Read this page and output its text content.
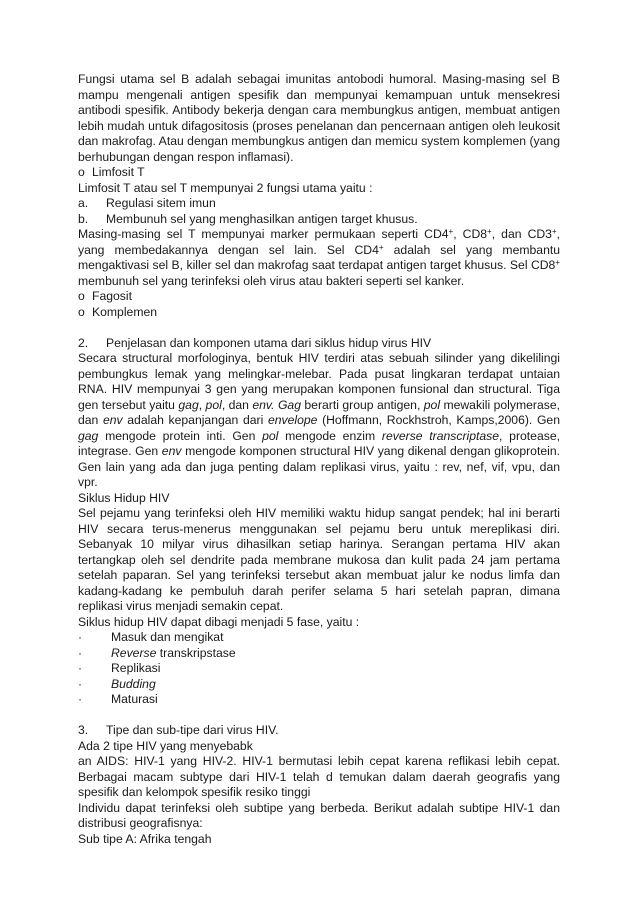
Fungsi utama sel B adalah sebagai imunitas antobodi humoral. Masing-masing sel B mampu mengenali antigen spesifik dan mempunyai kemampuan untuk mensekresi antibodi spesifik. Antibody bekerja dengan cara membungkus antigen, membuat antigen lebih mudah untuk difagositosis (proses penelanan dan pencernaan antigen oleh leukosit dan makrofag. Atau dengan membungkus antigen dan memicu system komplemen (yang berhubungan dengan respon inflamasi).

o Limfosit T

Limfosit T atau sel T mempunyai 2 fungsi utama yaitu :

a.	Regulasi sitem imun
b.	Membunuh sel yang menghasilkan antigen target khusus.

Masing-masing sel T mempunyai marker permukaan seperti CD4+, CD8+, dan CD3+, yang membedakannya dengan sel lain. Sel CD4+ adalah sel yang membantu mengaktivasi sel B, killer sel dan makrofag saat terdapat antigen target khusus. Sel CD8+ membunuh sel yang terinfeksi oleh virus atau bakteri seperti sel kanker.

o Fagosit
o Komplemen
2.	Penjelasan dan komponen utama dari siklus hidup virus HIV

Secara structural morfologinya, bentuk HIV terdiri atas sebuah silinder yang dikelilingi pembungkus lemak yang melingkar-melebar. Pada pusat lingkaran terdapat untaian RNA. HIV mempunyai 3 gen yang merupakan komponen funsional dan structural. Tiga gen tersebut yaitu gag, pol, dan env. Gag berarti group antigen, pol mewakili polymerase, dan env adalah kepanjangan dari envelope (Hoffmann, Rockhstroh, Kamps,2006). Gen gag mengode protein inti. Gen pol mengode enzim reverse transcriptase, protease, integrase. Gen env mengode komponen structural HIV yang dikenal dengan glikoprotein. Gen lain yang ada dan juga penting dalam replikasi virus, yaitu : rev, nef, vif, vpu, dan vpr.

Siklus Hidup HIV

Sel pejamu yang terinfeksi oleh HIV memiliki waktu hidup sangat pendek; hal ini berarti HIV secara terus-menerus menggunakan sel pejamu beru untuk mereplikasi diri. Sebanyak 10 milyar virus dihasilkan setiap harinya. Serangan pertama HIV akan tertangkap oleh sel dendrite pada membrane mukosa dan kulit pada 24 jam pertama setelah paparan. Sel yang terinfeksi tersebut akan membuat jalur ke nodus limfa dan kadang-kadang ke pembuluh darah perifer selama 5 hari setelah papran, dimana replikasi virus menjadi semakin cepat.

Siklus hidup HIV dapat dibagi menjadi 5 fase, yaitu :

·	Masuk dan mengikat
·	Reverse transkripstase
·	Replikasi
·	Budding
·	Maturasi
3.	Tipe dan sub-tipe dari virus HIV.

Ada 2 tipe HIV yang menyebabk

an AIDS: HIV-1 yang HIV-2. HIV-1 bermutasi lebih cepat karena reflikasi lebih cepat. Berbagai macam subtype dari HIV-1 telah d temukan dalam daerah geografis yang spesifik dan kelompok spesifik resiko tinggi

Individu dapat terinfeksi oleh subtipe yang berbeda. Berikut adalah subtipe HIV-1 dan distribusi geografisnya:

Sub tipe A: Afrika tengah
